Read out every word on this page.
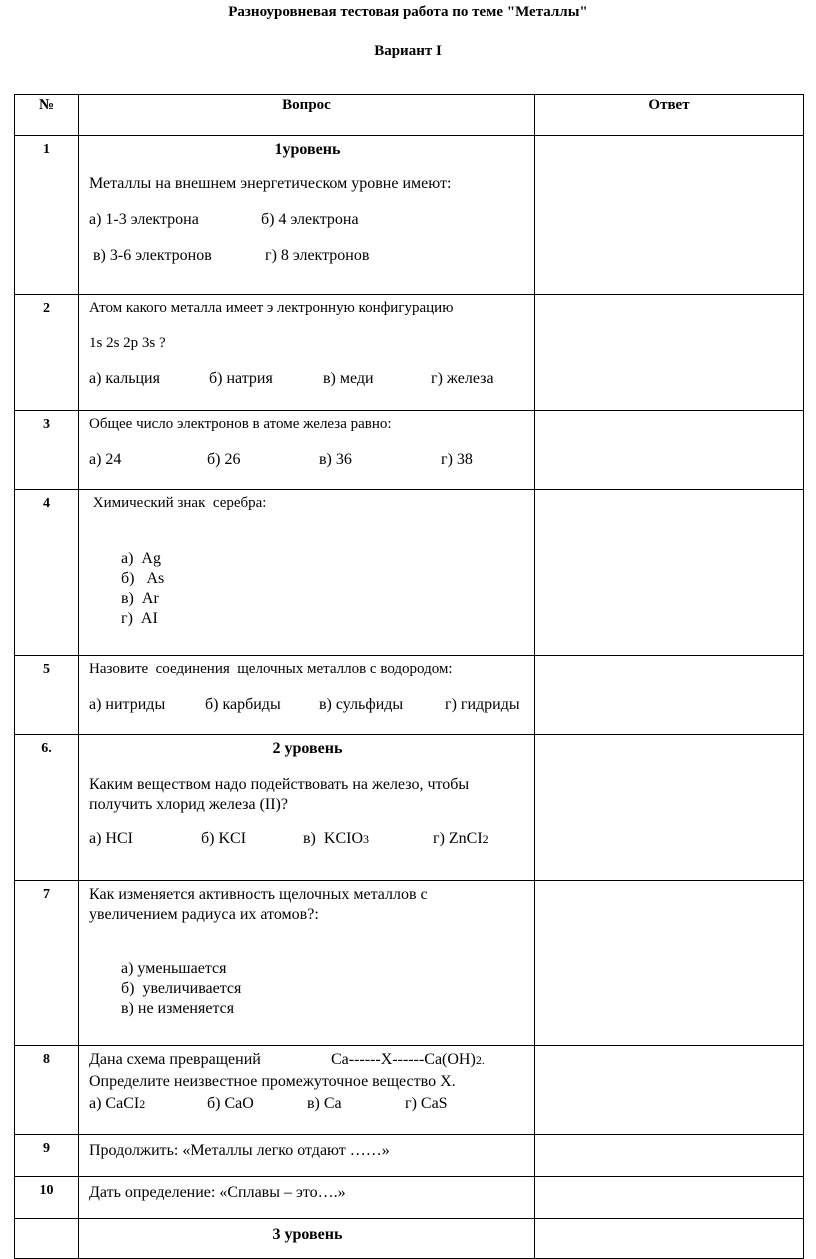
Разноуровневая тестовая работа по теме "Металлы"
Вариант I
№	Вопрос	Ответ
1	1уровень
Металлы на внешнем энергетическом уровне имеют:
а) 1-3 электрона б) 4 электрона
в) 3-6 электронов г) 8 электронов	

2	Атом какого металла имеет э лектронную конфигурацию
1s 2s 2p 3s ?
а) кальция б) натрия в) меди г) железа	

3	Общее число электронов в атоме железа равно:
а) 24 б) 26 в) 36 г) 38	

4	Химический знак  серебра:

а)  Ag
б)   As
в)  Ar
г)  AI	

5	Назовите  соединения  щелочных металлов с водородом:
а) нитриды б) карбиды в) сульфиды г) гидриды	

6.	2 уровень
Каким веществом надо подействовать на железо, чтобы получить хлорид железа (II)?
а) HCI б) KCI в)  KCIO3 г) ZnCI2	

7	Как изменяется активность щелочных металлов с увеличением радиуса их атомов?:

а) уменьшается
б)  увеличивается
в) не изменяется	

8	Дана схема превращений Ca------X------Ca(OH)2.
Определите неизвестное промежуточное вещество X.
а) CaCI2 б) CaO в) Ca г) CaS	

9	Продолжить: «Металлы легко отдают ……»	

10	Дать определение: «Сплавы – это….»	

	3 уровень	
